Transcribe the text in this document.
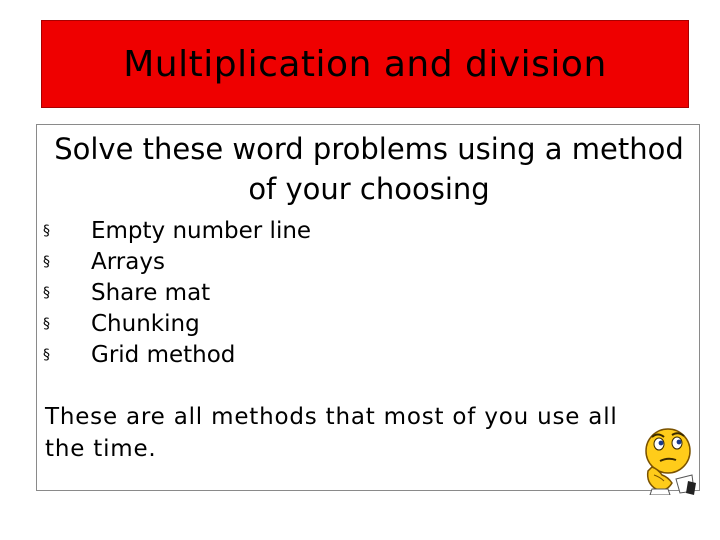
Multiplication and division
Solve these word problems using a method of your choosing
§	Empty number line
§	Arrays
§	Share mat
§	Chunking
§	Grid method
These are all methods that most of you use all the time.
